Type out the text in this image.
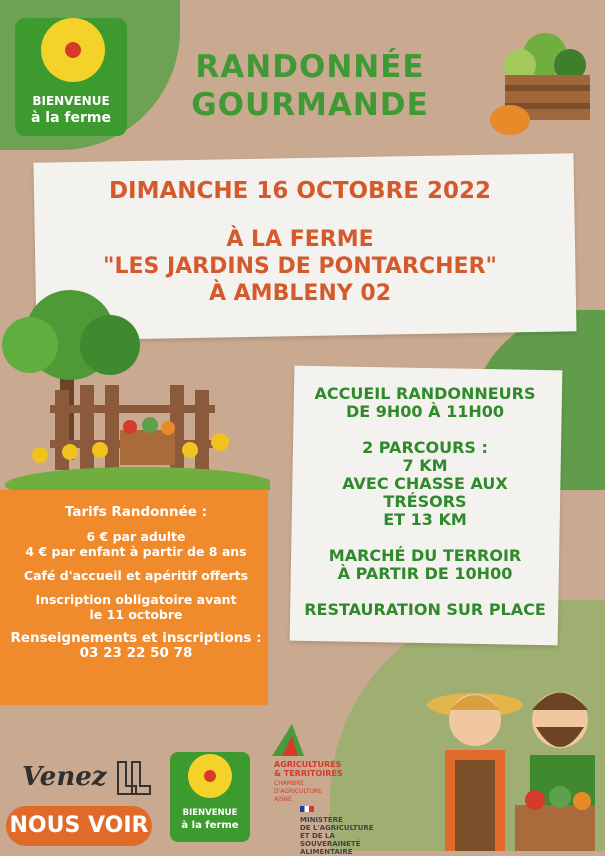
BIENVENUE
à la ferme
RANDONNÉE
GOURMANDE
DIMANCHE 16 OCTOBRE 2022
À LA FERME
"LES JARDINS DE PONTARCHER"
À AMBLENY 02
ACCUEIL RANDONNEURS
DE 9H00 À 11H00
2 PARCOURS :
7 KM
AVEC CHASSE AUX TRÉSORS
ET 13 KM
MARCHÉ DU TERROIR
À PARTIR DE 10H00
RESTAURATION SUR PLACE

Tarifs Randonnée :

6 € par adulte
4 € par enfant à partir de 8 ans

Café d'accueil et apéritif offerts

Inscription obligatoire avant
le 11 octobre

Renseignements et inscriptions :
03 23 22 50 78

Venez
NOUS VOIR	BIENVENUE
à la ferme
AGRICULTURES
& TERRITOIRES
CHAMBRE D'AGRICULTURE
AISNE
MINISTÈRE
DE L'AGRICULTURE
ET DE LA SOUVERAINETÉ
ALIMENTAIRE
